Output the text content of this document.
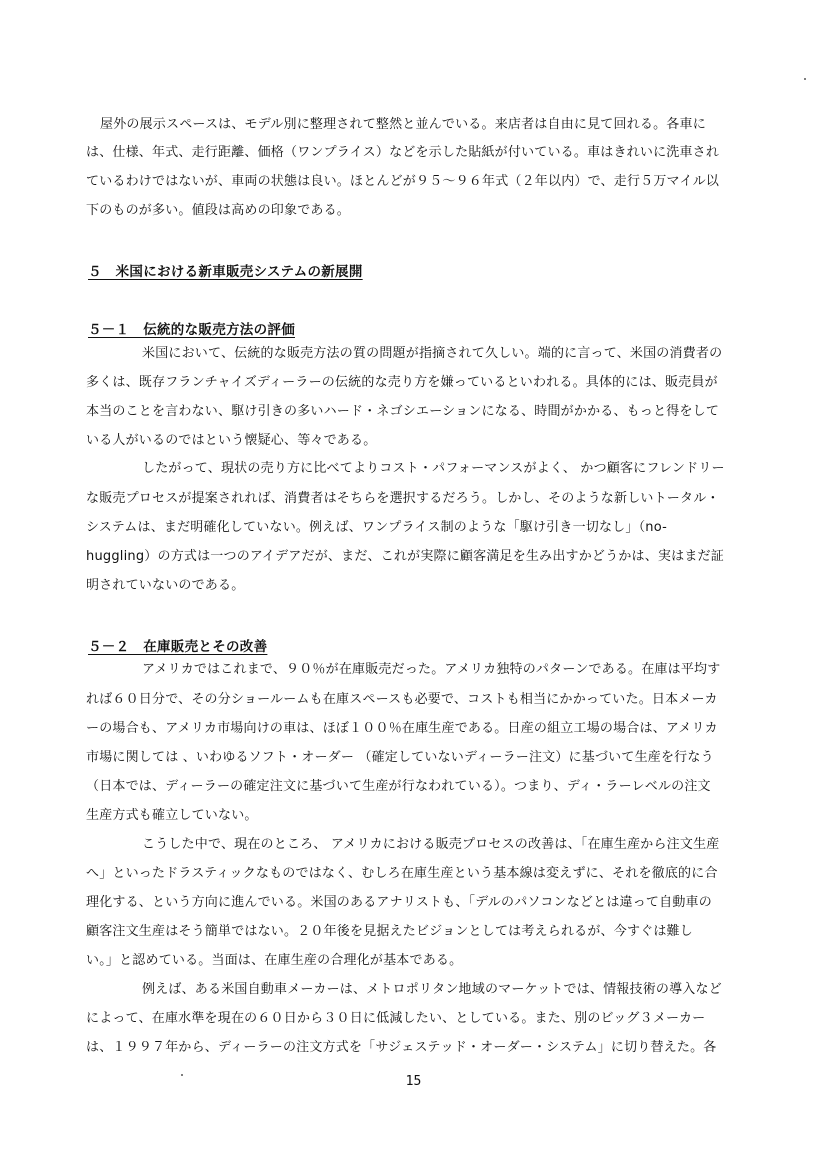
屋外の展示スペースは、モデル別に整理されて整然と並んでいる。来店者は自由に見て回れる。各車に
は、仕様、年式、走行距離、価格（ワンプライス）などを示した貼紙が付いている。車はきれいに洗車され
ているわけではないが、車両の状態は良い。ほとんどが９５～９６年式（２年以内）で、走行５万マイル以
下のものが多い。値段は高めの印象である。
５　米国における新車販売システムの新展開
５－１　伝統的な販売方法の評価
米国において、伝統的な販売方法の質の問題が指摘されて久しい。端的に言って、米国の消費者の
多くは、既存フランチャイズディーラーの伝統的な売り方を嫌っているといわれる。具体的には、販売員が
本当のことを言わない、駆け引きの多いハード・ネゴシエーションになる、時間がかかる、もっと得をして
いる人がいるのではという懐疑心、等々である。
したがって、現状の売り方に比べてよりコスト・パフォーマンスがよく、 かつ顧客にフレンドリー
な販売プロセスが提案されれば、消費者はそちらを選択するだろう。しかし、そのような新しいトータル・
システムは、まだ明確化していない。例えば、ワンプライス制のような「駆け引き一切なし」（no-
huggling）の方式は一つのアイデアだが、まだ、これが実際に顧客満足を生み出すかどうかは、実はまだ証
明されていないのである。
５－２　在庫販売とその改善
アメリカではこれまで、９０％が在庫販売だった。アメリカ独特のパターンである。在庫は平均す
れば６０日分で、その分ショールームも在庫スペースも必要で、コストも相当にかかっていた。日本メーカ
ーの場合も、アメリカ市場向けの車は、ほぼ１００％在庫生産である。日産の組立工場の場合は、アメリカ
市場に関しては 、いわゆるソフト・オーダー （確定していないディーラー注文）に基づいて生産を行なう
（日本では、ディーラーの確定注文に基づいて生産が行なわれている）。つまり、ディ・ラーレベルの注文
生産方式も確立していない。
こうした中で、現在のところ、 アメリカにおける販売プロセスの改善は、「在庫生産から注文生産
へ」といったドラスティックなものではなく、むしろ在庫生産という基本線は変えずに、それを徹底的に合
理化する、という方向に進んでいる。米国のあるアナリストも、「デルのパソコンなどとは違って自動車の
顧客注文生産はそう簡単ではない。２０年後を見据えたビジョンとしては考えられるが、今すぐは難し
い。」と認めている。当面は、在庫生産の合理化が基本である。
例えば、ある米国自動車メーカーは、メトロポリタン地域のマーケットでは、情報技術の導入など
によって、在庫水準を現在の６０日から３０日に低減したい、としている。また、別のビッグ３メーカー
は、１９９７年から、ディーラーの注文方式を「サジェステッド・オーダー・システム」に切り替えた。各
15
